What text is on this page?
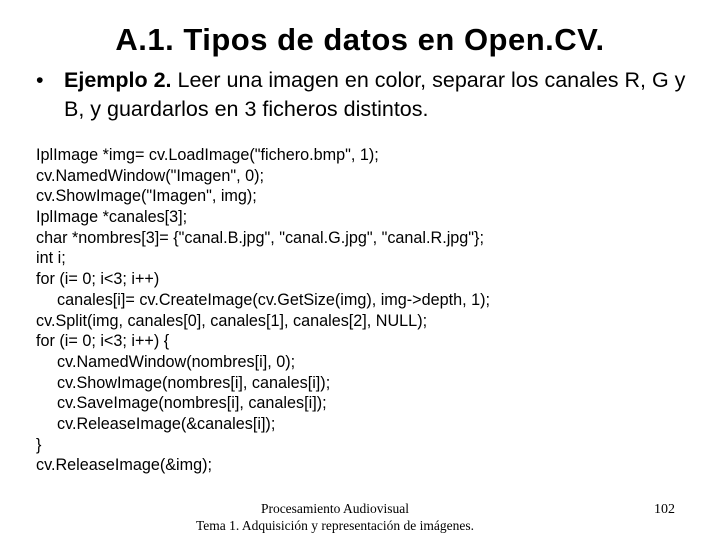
A.1. Tipos de datos en Open.CV.
• Ejemplo 2. Leer una imagen en color, separar los canales R, G y B, y guardarlos en 3 ficheros distintos.
IplImage *img= cv.LoadImage("fichero.bmp", 1);
cv.NamedWindow("Imagen", 0);
cv.ShowImage("Imagen", img);
IplImage *canales[3];
char *nombres[3]= {"canal.B.jpg", "canal.G.jpg", "canal.R.jpg"};
int i;
for (i= 0; i<3; i++)
canales[i]= cv.CreateImage(cv.GetSize(img), img->depth, 1);
cv.Split(img, canales[0], canales[1], canales[2], NULL);
for (i= 0; i<3; i++) {
cv.NamedWindow(nombres[i], 0);
cv.ShowImage(nombres[i], canales[i]);
cv.SaveImage(nombres[i], canales[i]);
cv.ReleaseImage(&canales[i]);
}
cv.ReleaseImage(&img);
Procesamiento Audiovisual
Tema 1. Adquisición y representación de imágenes.
102
